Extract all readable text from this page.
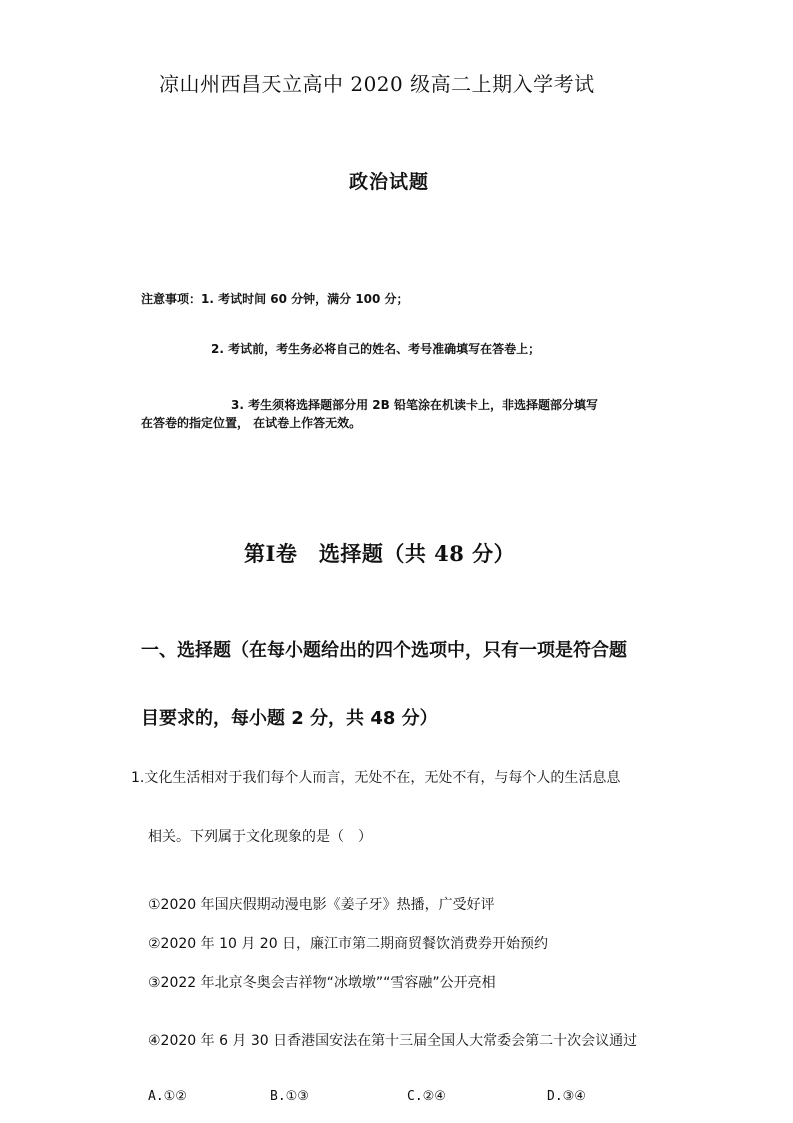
凉山州西昌天立高中 2020 级高二上期入学考试
政治试题
注意事项：1. 考试时间 60 分钟，满分 100 分；
2. 考试前，考生务必将自己的姓名、考号准确填写在答卷上；
3. 考生须将选择题部分用 2B 铅笔涂在机读卡上，非选择题部分填写
在答卷的指定位置， 在试卷上作答无效。
第Ⅰ卷　选择题（共 48 分）
一、选择题（在每小题给出的四个选项中，只有一项是符合题
目要求的，每小题 2 分，共 48 分）
1.文化生活相对于我们每个人而言，无处不在，无处不有，与每个人的生活息息
相关。下列属于文化现象的是（　）
①2020 年国庆假期动漫电影《姜子牙》热播，广受好评
②2020 年 10 月 20 日，廉江市第二期商贸餐饮消费券开始预约
③2022 年北京冬奥会吉祥物“冰墩墩”“雪容融”公开亮相
④2020 年 6 月 30 日香港国安法在第十三届全国人大常委会第二十次会议通过
A.①②	B.①③	C.②④	D.③④
